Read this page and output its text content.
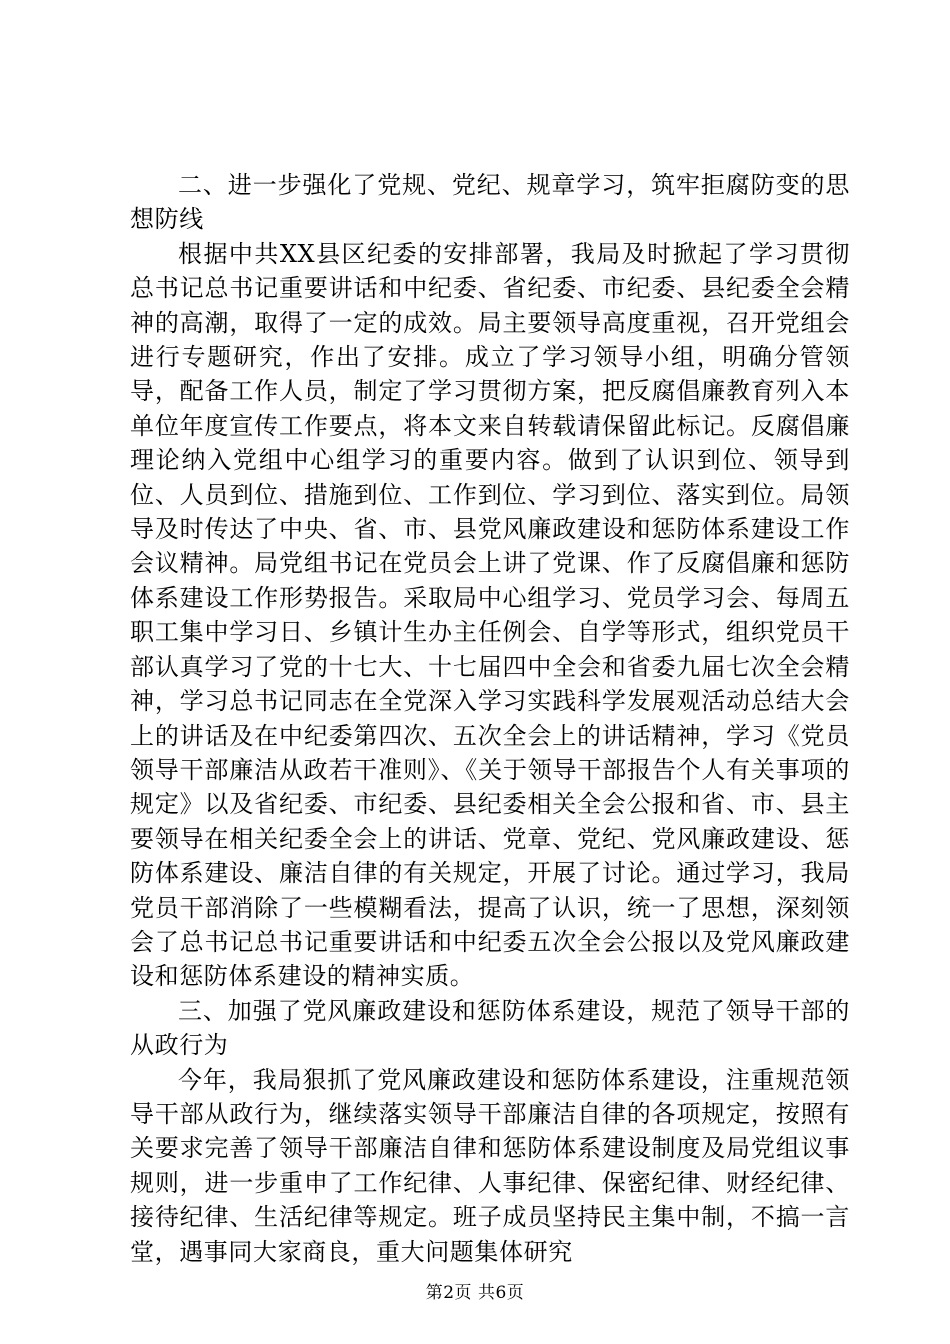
二、进一步强化了党规、党纪、规章学习，筑牢拒腐防变的思想防线

根据中共XX县区纪委的安排部署，我局及时掀起了学习贯彻总书记总书记重要讲话和中纪委、省纪委、市纪委、县纪委全会精神的高潮，取得了一定的成效。局主要领导高度重视，召开党组会进行专题研究，作出了安排。成立了学习领导小组，明确分管领导，配备工作人员，制定了学习贯彻方案，把反腐倡廉教育列入本单位年度宣传工作要点，将本文来自转载请保留此标记。反腐倡廉理论纳入党组中心组学习的重要内容。做到了认识到位、领导到位、人员到位、措施到位、工作到位、学习到位、落实到位。局领导及时传达了中央、省、市、县党风廉政建设和惩防体系建设工作会议精神。局党组书记在党员会上讲了党课、作了反腐倡廉和惩防体系建设工作形势报告。采取局中心组学习、党员学习会、每周五职工集中学习日、乡镇计生办主任例会、自学等形式，组织党员干部认真学习了党的十七大、十七届四中全会和省委九届七次全会精神，学习总书记同志在全党深入学习实践科学发展观活动总结大会上的讲话及在中纪委第四次、五次全会上的讲话精神，学习《党员领导干部廉洁从政若干准则》、《关于领导干部报告个人有关事项的规定》以及省纪委、市纪委、县纪委相关全会公报和省、市、县主要领导在相关纪委全会上的讲话、党章、党纪、党风廉政建设、惩防体系建设、廉洁自律的有关规定，开展了讨论。通过学习，我局党员干部消除了一些模糊看法，提高了认识，统一了思想，深刻领会了总书记总书记重要讲话和中纪委五次全会公报以及党风廉政建设和惩防体系建设的精神实质。

三、加强了党风廉政建设和惩防体系建设，规范了领导干部的从政行为

今年，我局狠抓了党风廉政建设和惩防体系建设，注重规范领导干部从政行为，继续落实领导干部廉洁自律的各项规定，按照有关要求完善了领导干部廉洁自律和惩防体系建设制度及局党组议事规则，进一步重申了工作纪律、人事纪律、保密纪律、财经纪律、接待纪律、生活纪律等规定。班子成员坚持民主集中制，不搞一言堂，遇事同大家商良，重大问题集体研究

第2页 共6页
